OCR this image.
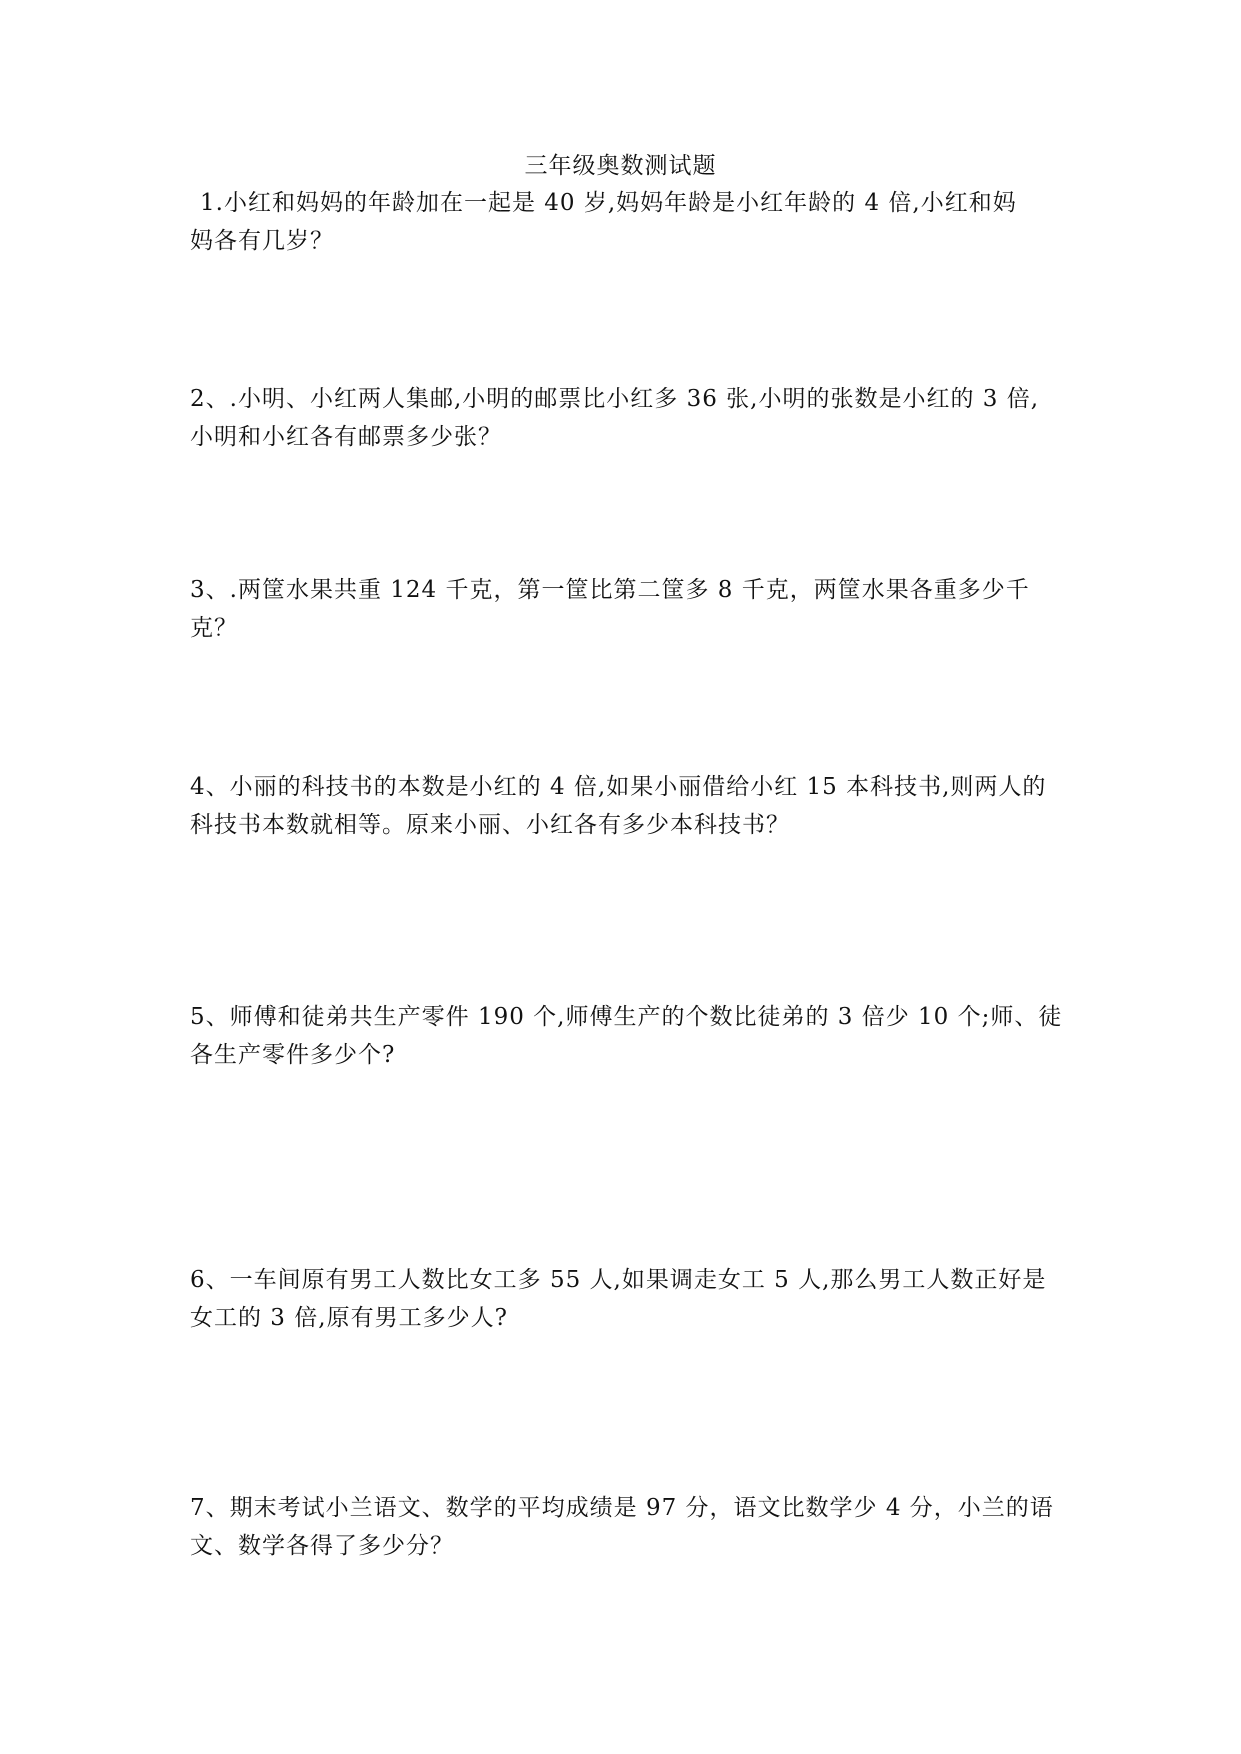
三年级奥数测试题
1.小红和妈妈的年龄加在一起是 40 岁,妈妈年龄是小红年龄的 4 倍,小红和妈
妈各有几岁？
2、.小明、小红两人集邮,小明的邮票比小红多 36 张,小明的张数是小红的 3 倍,
小明和小红各有邮票多少张？
3、.两筐水果共重 124 千克，第一筐比第二筐多 8 千克，两筐水果各重多少千
克？
4、小丽的科技书的本数是小红的 4 倍,如果小丽借给小红 15 本科技书,则两人的
科技书本数就相等。原来小丽、小红各有多少本科技书？
5、师傅和徒弟共生产零件 190 个,师傅生产的个数比徒弟的 3 倍少 10 个;师、徒
各生产零件多少个?
6、一车间原有男工人数比女工多 55 人,如果调走女工 5 人,那么男工人数正好是
女工的 3 倍,原有男工多少人?
7、期末考试小兰语文、数学的平均成绩是 97 分，语文比数学少 4 分，小兰的语
文、数学各得了多少分？
